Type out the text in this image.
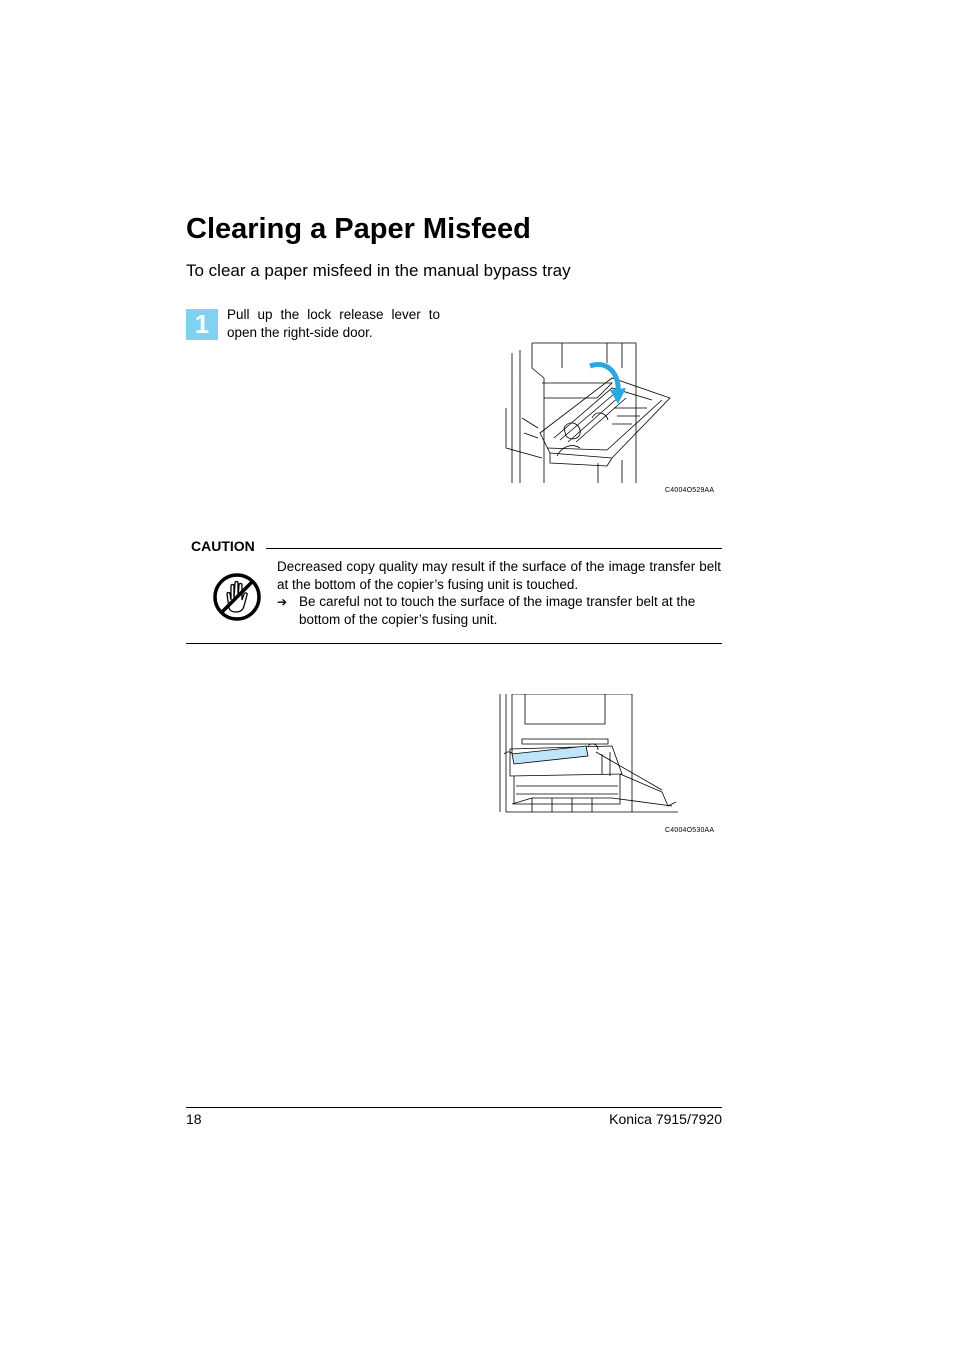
Clearing a Paper Misfeed

To clear a paper misfeed in the manual bypass tray

1	Pull up the lock release lever to open the right-side door.
C4004O529AA
CAUTION
Decreased copy quality may result if the surface of the image transfer belt at the bottom of the copier’s fusing unit is touched.
➔ Be careful not to touch the surface of the image transfer belt at the bottom of the copier’s fusing unit.
C4004O530AA
18	Konica 7915/7920
